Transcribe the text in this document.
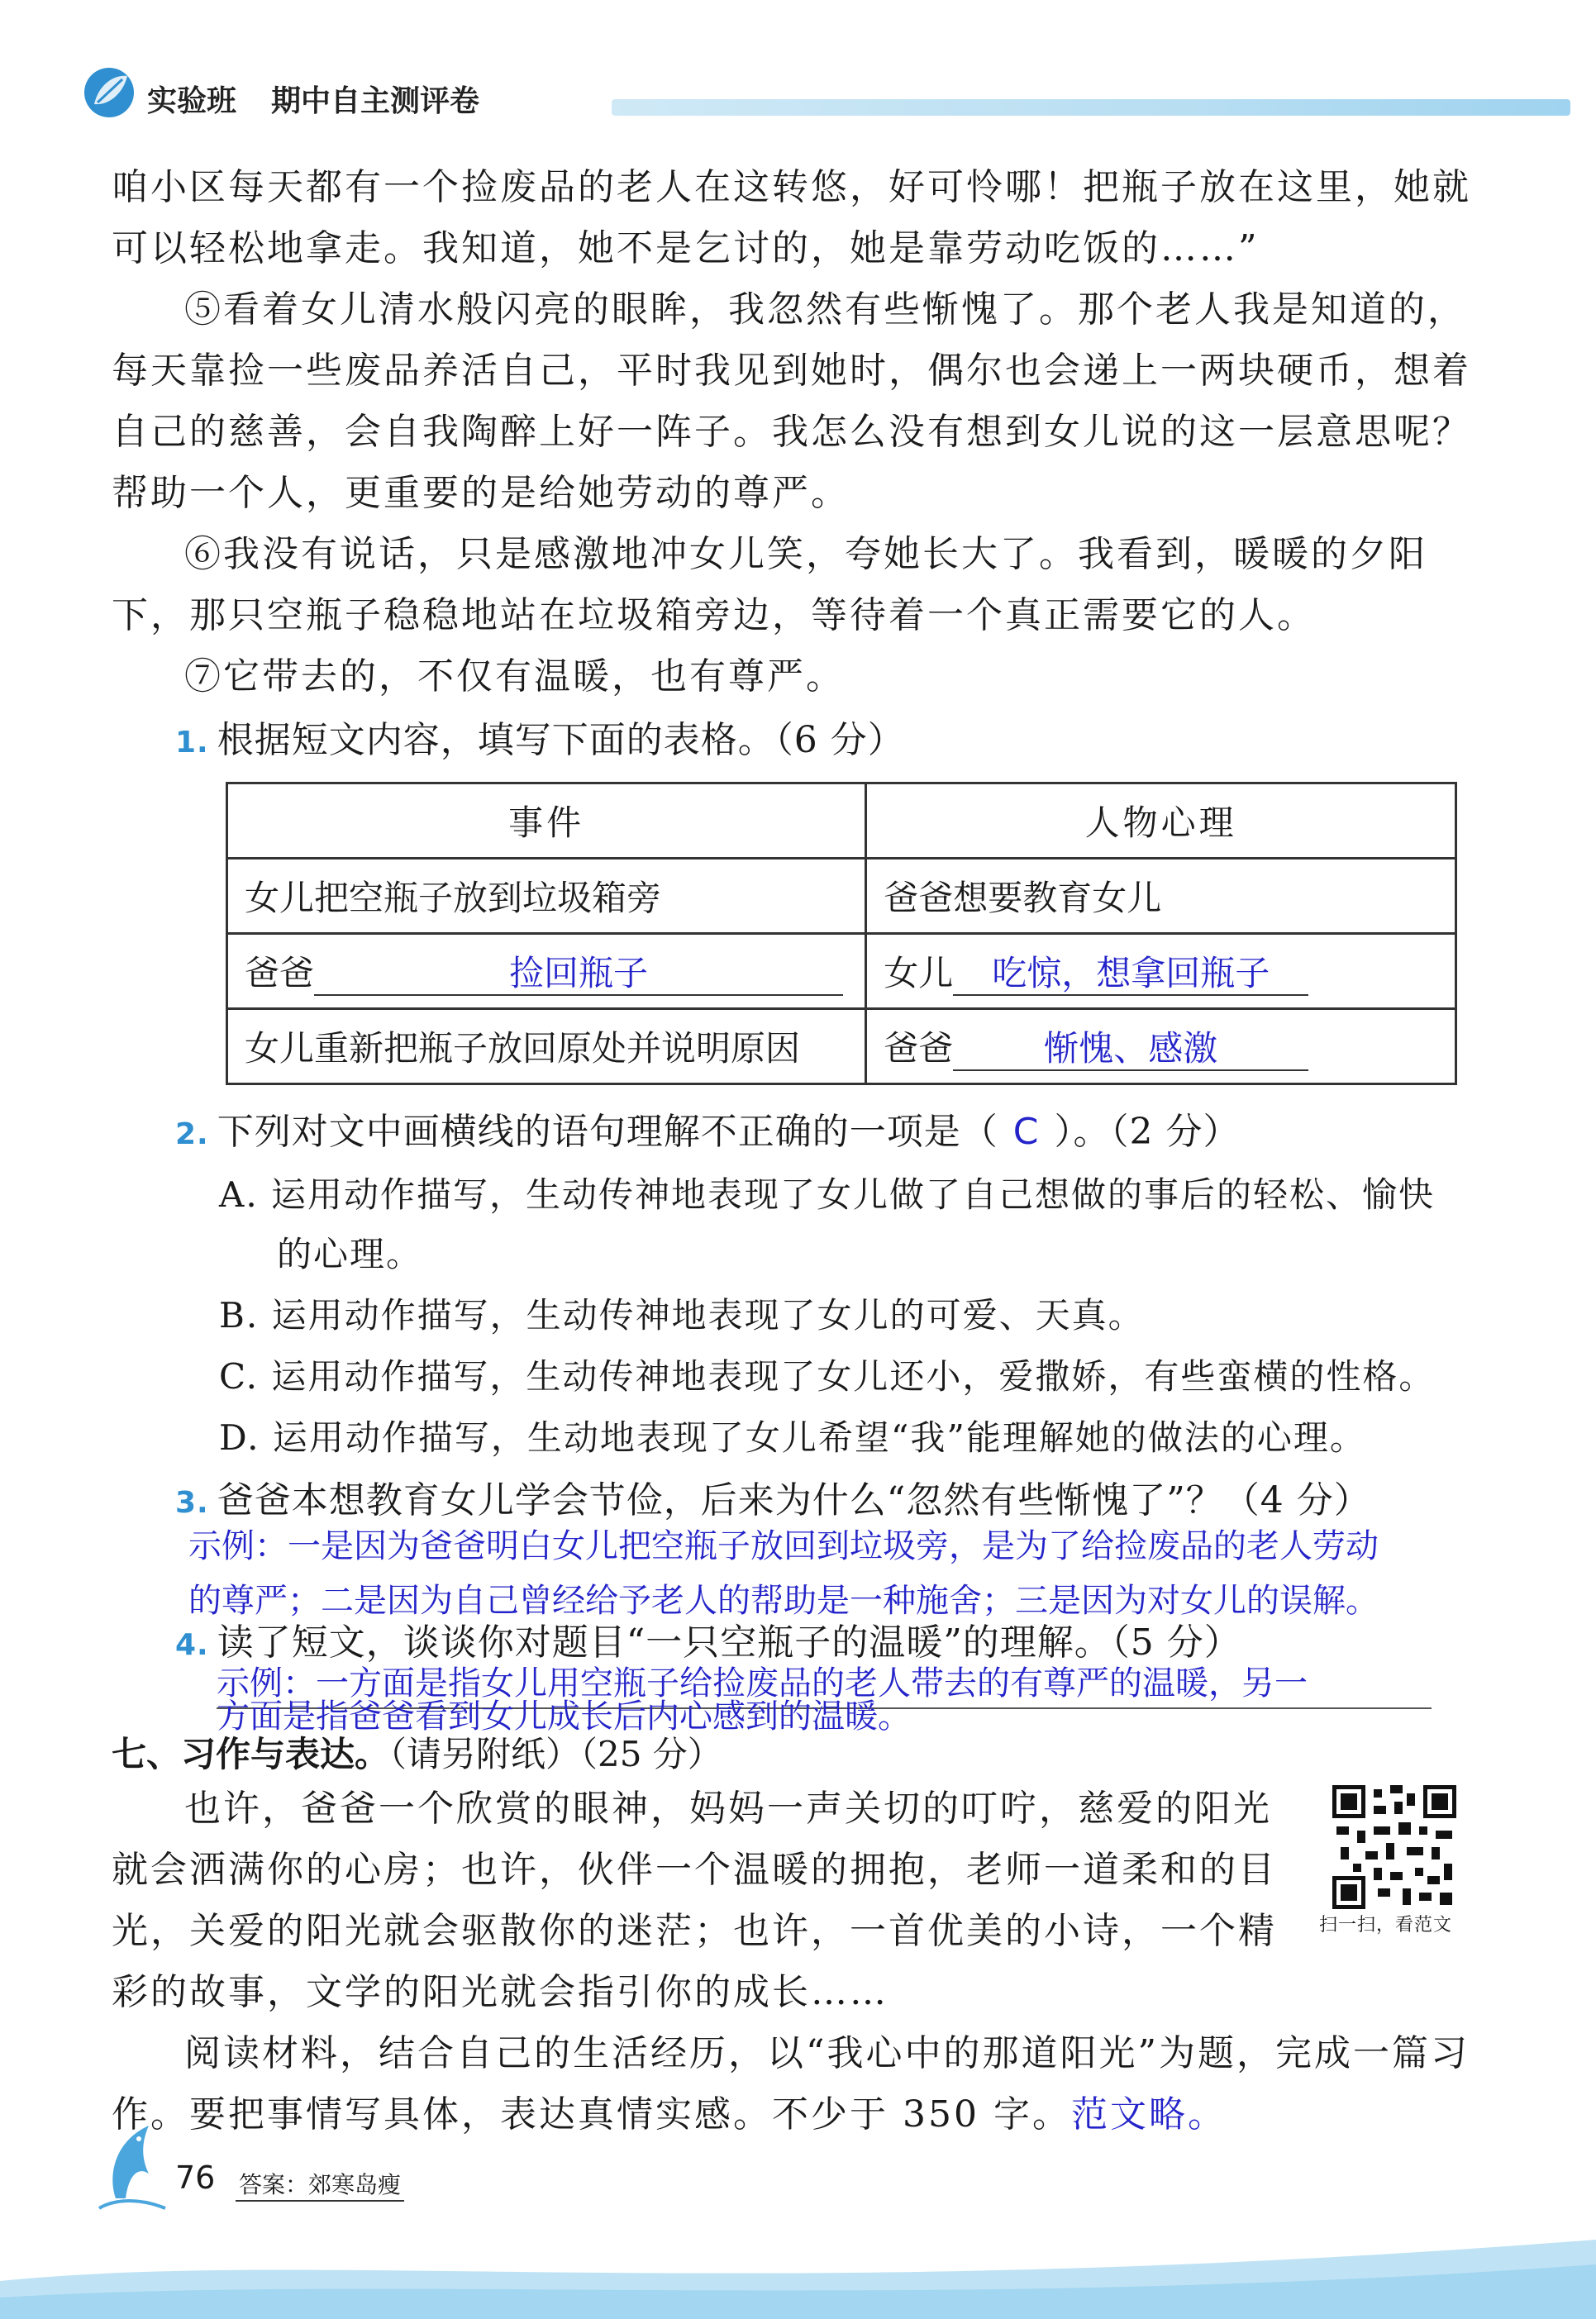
实验班 期中自主测评卷
咱小区每天都有一个捡废品的老人在这转悠，好可怜哪！把瓶子放在这里，她就可以轻松地拿走。我知道，她不是乞讨的，她是靠劳动吃饭的……”
⑤看着女儿清水般闪亮的眼眸，我忽然有些惭愧了。那个老人我是知道的，每天靠捡一些废品养活自己，平时我见到她时，偶尔也会递上一两块硬币，想着自己的慈善，会自我陶醉上好一阵子。我怎么没有想到女儿说的这一层意思呢？帮助一个人，更重要的是给她劳动的尊严。
⑥我没有说话，只是感激地冲女儿笑，夸她长大了。我看到，暖暖的夕阳下，那只空瓶子稳稳地站在垃圾箱旁边，等待着一个真正需要它的人。
⑦它带去的，不仅有温暖，也有尊严。
1. 根据短文内容，填写下面的表格。（6 分）
事件	人物心理
女儿把空瓶子放到垃圾箱旁	爸爸想要教育女儿
爸爸 捡回瓶子	女儿 吃惊，想拿回瓶子
女儿重新把瓶子放回原处并说明原因	爸爸 惭愧、感激
2. 下列对文中画横线的语句理解不正确的一项是（ C ）。（2 分）
A. 运用动作描写，生动传神地表现了女儿做了自己想做的事后的轻松、愉快
的心理。
B. 运用动作描写，生动传神地表现了女儿的可爱、天真。
C. 运用动作描写，生动传神地表现了女儿还小，爱撒娇，有些蛮横的性格。
D. 运用动作描写，生动地表现了女儿希望“我”能理解她的做法的心理。
3. 爸爸本想教育女儿学会节俭，后来为什么“忽然有些惭愧了”？（4 分）
示例：一是因为爸爸明白女儿把空瓶子放回到垃圾旁，是为了给捡废品的老人劳动
的尊严；二是因为自己曾经给予老人的帮助是一种施舍；三是因为对女儿的误解。
4. 读了短文，谈谈你对题目“一只空瓶子的温暖”的理解。（5 分）
示例：一方面是指女儿用空瓶子给捡废品的老人带去的有尊严的温暖，另一
方面是指爸爸看到女儿成长后内心感到的温暖。
七、习作与表达。（请另附纸）（25 分）
也许，爸爸一个欣赏的眼神，妈妈一声关切的叮咛，慈爱的阳光就会洒满你的心房；也许，伙伴一个温暖的拥抱，老师一道柔和的目光，关爱的阳光就会驱散你的迷茫；也许，一首优美的小诗，一个精彩的故事，文学的阳光就会指引你的成长……
阅读材料，结合自己的生活经历，以“我心中的那道阳光”为题，完成一篇习作。要把事情写具体，表达真情实感。不少于 350 字。范文略。
扫一扫，看范文
76 答案：郊寒岛瘦
